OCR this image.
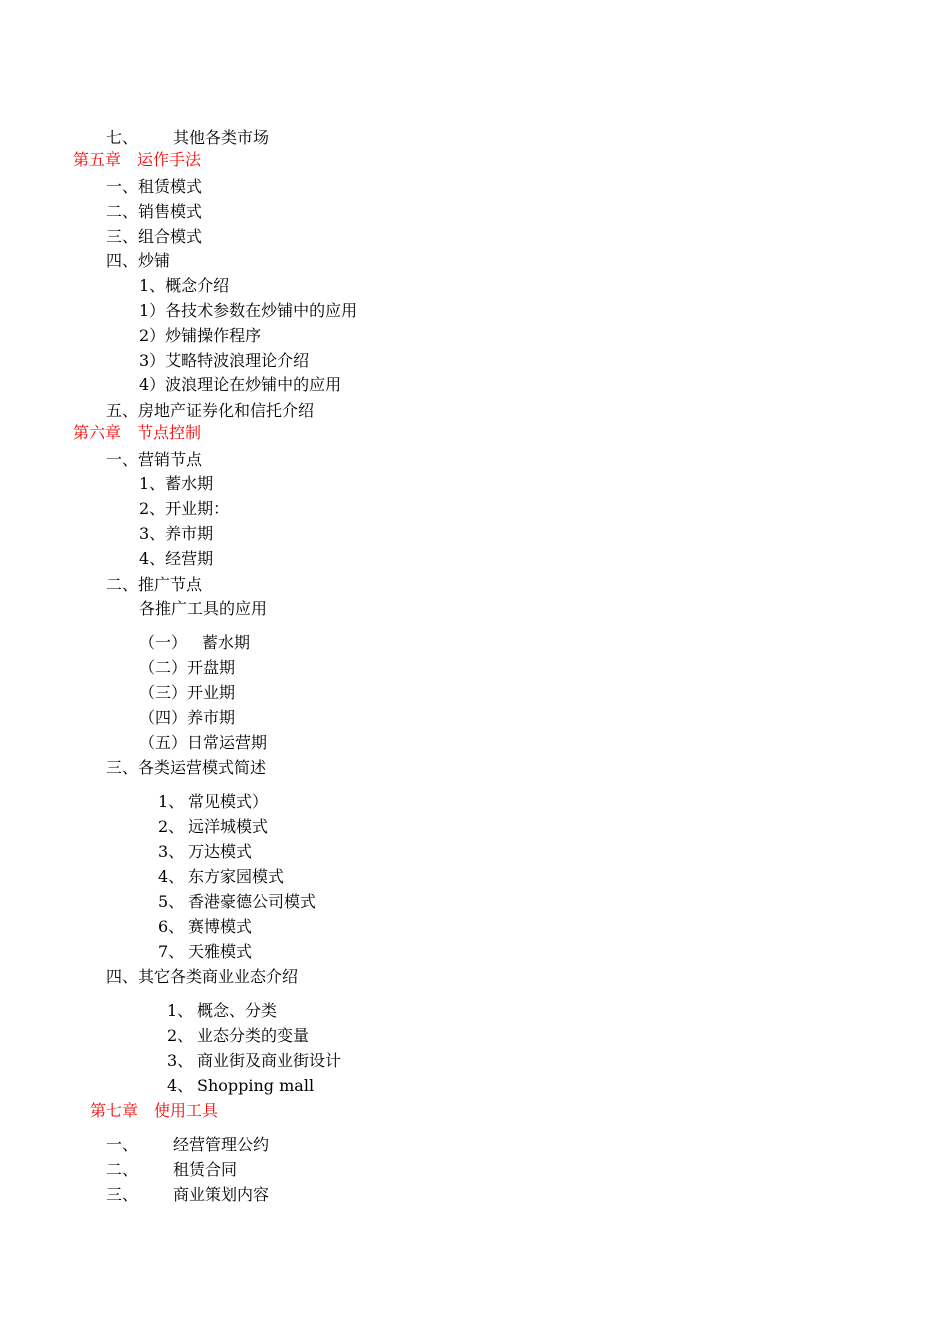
七、 其他各类市场
第五章　运作手法
一、租赁模式
二、销售模式
三、组合模式
四、炒铺
1、概念介绍
1）各技术参数在炒铺中的应用
2）炒铺操作程序
3）艾略特波浪理论介绍
4）波浪理论在炒铺中的应用
五、房地产证券化和信托介绍
第六章　节点控制
一、营销节点
1、蓄水期
2、开业期：
3、养市期
4、经营期
二、推广节点
各推广工具的应用
（一） 蓄水期
（二）开盘期
（三）开业期
（四）养市期
（五）日常运营期
三、各类运营模式简述
1、 常见模式）
2、 远洋城模式
3、 万达模式
4、 东方家园模式
5、 香港豪德公司模式
6、 赛博模式
7、 天雅模式
四、其它各类商业业态介绍
1、 概念、分类
2、 业态分类的变量
3、 商业街及商业街设计
4、 Shopping mall
第七章　使用工具
一、 经营管理公约
二、 租赁合同
三、 商业策划内容
